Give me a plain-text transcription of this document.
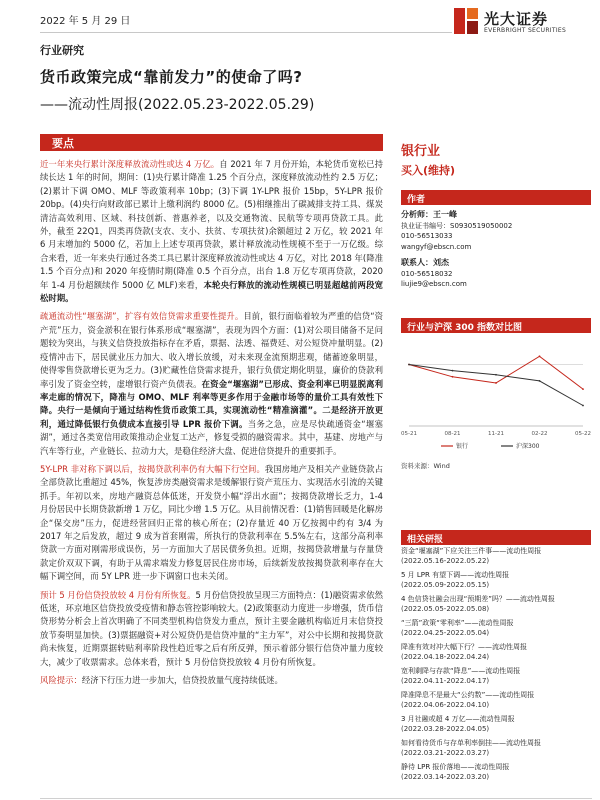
2022 年 5 月 29 日	光大证券
EVERBRIGHT SECURITIES
行业研究
货币政策完成“靠前发力”的使命了吗?
——流动性周报(2022.05.23-2022.05.29)
要点

近一年来央行累计深度释放流动性或达 4 万亿。自 2021 年 7 月份开始，本轮货币宽松已持续长达 1 年的时间，期间：(1)央行累计降准 1.25 个百分点，深度释放流动性约 2.5 万亿；(2)累计下调 OMO、MLF 等政策利率 10bp；(3)下调 1Y-LPR 报价 15bp，5Y-LPR 报价 20bp。(4)央行向财政部已累计上缴利润约 8000 亿。(5)相继推出了碳减排支持工具、煤炭清洁高效利用、区域、科技创新、普惠养老，以及交通物流、民航等专项再贷款工具。此外，截至 22Q1，四类再贷款(支农、支小、扶贫、专项扶贫)余额超过 2 万亿，较 2021 年 6 月末增加约 5000 亿，若加上上述专项再贷款，累计释放流动性规模不至于一万亿级。综合来看，近一年来央行通过各类工具已累计深度释放流动性或达 4 万亿，对比 2018 年(降准 1.5 个百分点)和 2020 年疫情时期(降准 0.5 个百分点，出台 1.8 万亿专项再贷款，2020 年 1-4 月份超额续作 5000 亿 MLF)来看，本轮央行释放的流动性规模已明显超越前两段宽松时期。

疏通流动性“堰塞湖”，扩容有效信贷需求重要性提升。目前，银行面临着较为严重的信贷“资产荒”压力，资金淤积在银行体系形成“堰塞湖”，表现为四个方面：(1)对公项目储备不足问题较为突出，与狭义信贷投放指标存在矛盾，票据、法透、福费廷、对公短贷冲量明显。(2)疫情冲击下，居民就业压力加大、收入增长放缓，对未来现金流预期悲观，储蓄迹象明显，使得零售贷款增长更为乏力。(3)贮藏性信贷需求提升，银行负债定期化明显，廉价的贷款利率引发了资金空转，虚增银行资产负债表。在资金“堰塞湖”已形成、资金利率已明显脱离利率走廊的情况下，降准与 OMO、MLF 利率等更多作用于金融市场等的量价工具有效性下降。央行一是倾向于通过结构性货币政策工具，实现流动性“精准滴灌”。二是经济开放更利，通过降低银行负债成本直接引导 LPR 报价下调。当务之急，应是尽快疏通资金“堰塞湖”，通过各类宽信用政策推动企业复工达产，修复受损的融资需求。其中，基建、房地产与汽车等行业，产业链长、拉动力大，是稳住经济大盘、促进信贷提升的重要抓手。

5Y-LPR 非对称下调以后，按揭贷款利率仍有大幅下行空间。我国房地产及相关产业链贷款占全部贷款比重超过 45%，恢复涉房类融资需求是缓解银行资产荒压力、实现活水引流的关键抓手。年初以来，房地产融资总体低迷，开发贷小幅“浮出水面”；按揭贷款增长乏力，1-4 月份居民中长期贷款新增 1 万亿，同比少增 1.5 万亿。从目前情况看：(1)销售回暖是化解房企“保交房”压力，促进经营回归正常的核心所在；(2)存量近 40 万亿按揭中约有 3/4 为 2017 年之后发放，超过 9 成为首套刚需，所执行的贷款利率在 5.5%左右，这部分高利率贷款一方面对刚需形成误伤，另一方面加大了居民债务负担。近期，按揭贷款增量与存量贷款定价双双下调，有助于从需求端发力修复居民住房市场，后续新发放按揭贷款利率存在大幅下调空间，而 5Y LPR 进一步下调窗口也未关闭。

预计 5 月份信贷投放较 4 月份有所恢复。5 月份信贷投放呈现三方面特点：(1)融资需求依然低迷，环京地区信贷投放受疫情和静态管控影响较大。(2)政策驱动力度进一步增强，货币信贷形势分析会上首次明确了不同类型机构信贷发力重点，预计主要金融机构临近月末信贷投放节奏明显加快。(3)票据融资+对公短贷仍是信贷冲量的“主力军”，对公中长期和按揭贷款尚未恢复，近期票据转贴利率阶段性趋近零之后有所反弹，预示着部分银行信贷冲量力度较大，减少了收票需求。总体来看，预计 5 月份信贷投放较 4 月份有所恢复。

风险提示：经济下行压力进一步加大，信贷投放量气度持续低迷。

银行业
买入(维持)
作者
分析师：王一峰
执业证书编号：S0930519050002
010-56513033
wangyf@ebscn.com
联系人：刘杰
010-56518032
liujie9@ebscn.com
行业与沪深 300 指数对比图
05-21	08-21	11-21	02-22	05-22
银行	沪深300
资料来源：Wind
相关研报
资金“堰塞湖”下应关注三件事——流动性周报
(2022.05.16-2022.05.22)
5 月 LPR 有望下调——流动性周报
(2022.05.09-2022.05.15)
4 色信贷社融会出现“预期差”吗？——流动性周报
(2022.05.05-2022.05.08)
“三箭”政策“零利率”——流动性周报
(2022.04.25-2022.05.04)
降准有效对冲大幅下行？——流动性周报
(2022.04.18-2022.04.24)
宽利剩降与存款“降息”——流动性周报
(2022.04.11-2022.04.17)
降准降息不是最大“公约数”——流动性周报
(2022.04.06-2022.04.10)
3 月社融或超 4 万亿——流动性周报
(2022.03.28-2022.04.05)
如何看待货币与存单利率倒挂——流动性周报
(2022.03.21-2022.03.27)
静待 LPR 报价落地——流动性周报
(2022.03.14-2022.03.20)
